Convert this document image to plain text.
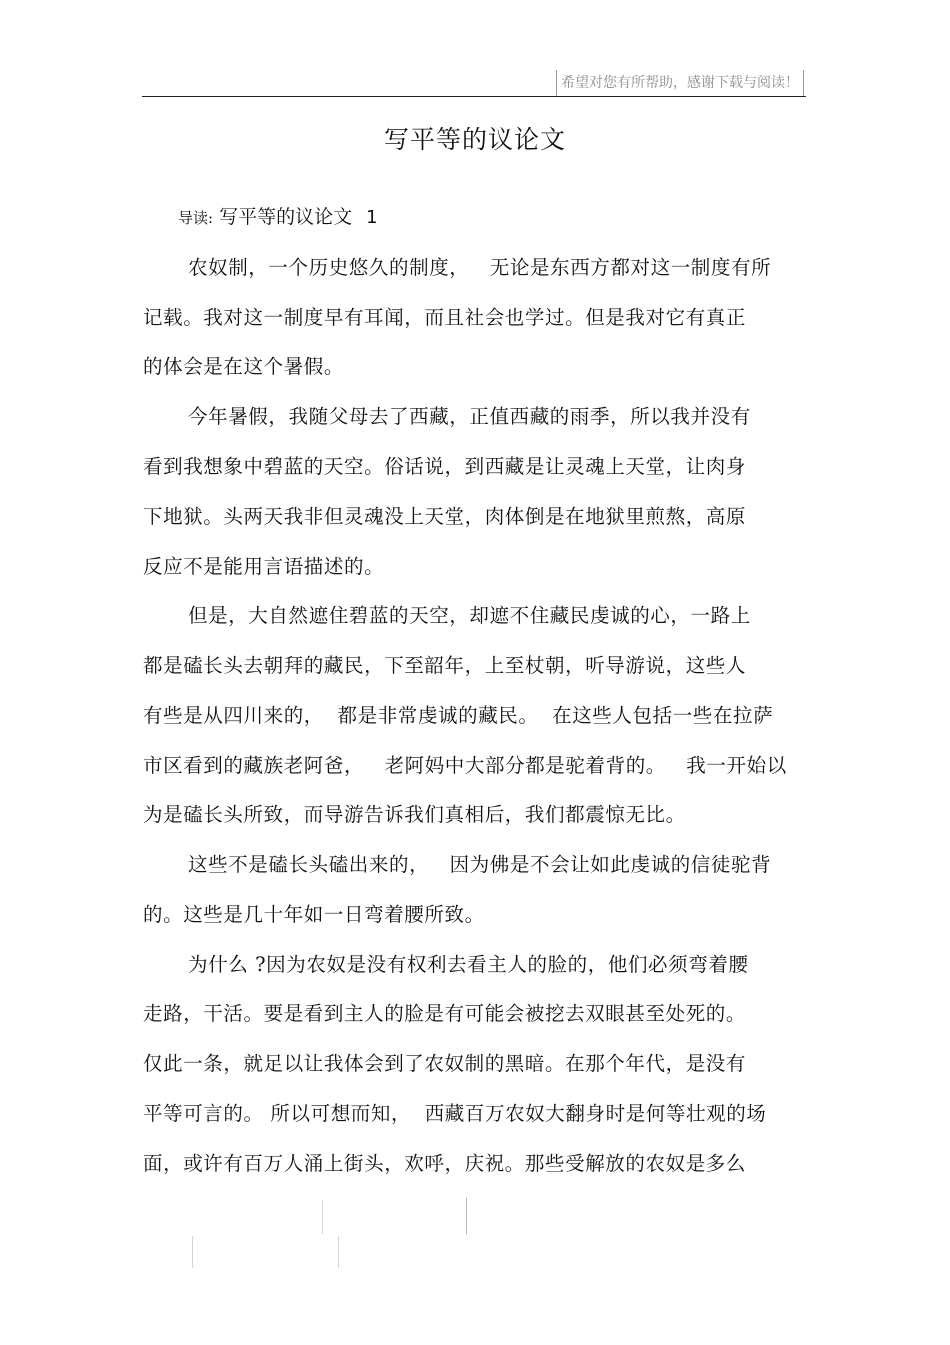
希望对您有所帮助，感谢下载与阅读！
写平等的议论文
导读: 写平等的议论文 1
农奴制，一个历史悠久的制度，   无论是东西方都对这一制度有所
记载。我对这一制度早有耳闻，而且社会也学过。但是我对它有真正
的体会是在这个暑假。
今年暑假，我随父母去了西藏，正值西藏的雨季，所以我并没有
看到我想象中碧蓝的天空。俗话说，到西藏是让灵魂上天堂，让肉身
下地狱。头两天我非但灵魂没上天堂，肉体倒是在地狱里煎熬，高原
反应不是能用言语描述的。
但是，大自然遮住碧蓝的天空，却遮不住藏民虔诚的心，一路上
都是磕长头去朝拜的藏民，下至韶年，上至杖朝，听导游说，这些人
有些是从四川来的，  都是非常虔诚的藏民。  在这些人包括一些在拉萨
市区看到的藏族老阿爸，   老阿妈中大部分都是驼着背的。   我一开始以
为是磕长头所致，而导游告诉我们真相后，我们都震惊无比。
这些不是磕长头磕出来的，   因为佛是不会让如此虔诚的信徒驼背
的。这些是几十年如一日弯着腰所致。
为什么 ?因为农奴是没有权利去看主人的脸的，他们必须弯着腰
走路，干活。要是看到主人的脸是有可能会被挖去双眼甚至处死的。
仅此一条，就足以让我体会到了农奴制的黑暗。在那个年代，是没有
平等可言的。 所以可想而知，  西藏百万农奴大翻身时是何等壮观的场
面，或许有百万人涌上街头，欢呼，庆祝。那些受解放的农奴是多么
